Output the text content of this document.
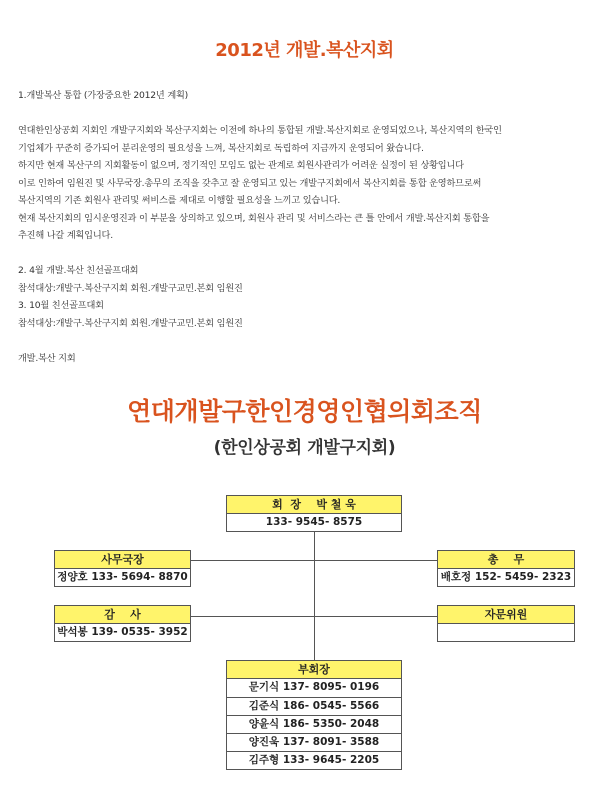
2012년 개발.복산지회
1.개발복산 통합 (가장중요한 2012년 계획)
연대한인상공회 지회인 개발구지회와 복산구지회는 이전에 하나의 통합된 개발.복산지회로 운영되었으나, 복산지역의 한국인
기업체가 꾸준히 증가되어 분리운영의 필요성을 느껴, 복산지회로 독립하여 지금까지 운영되어 왔습니다.
하지만 현재 복산구의 지회활동이 없으며, 정기적인 모임도 없는 관계로 회원사관리가 어려운 실정이 된 상황입니다
이로 인하여 임원진 및 사무국장.총무의 조직을 갖추고 잘 운영되고 있는 개발구지회에서 복산지회를 통합 운영하므로써
복산지역의 기존 회원사 관리및 써비스를 제대로 이행할 필요성을 느끼고 있습니다.
현재 복산지회의 임시운영진과 이 부분을 상의하고 있으며, 회원사 관리 및 서비스라는 큰 틀 안에서 개발.복산지회 통합을
추진해 나갈 계획입니다.
2. 4월 개발.복산 친선골프대회
참석대상:개발구.복산구지회 회원.개발구교민.본회 임원진
3. 10월 친선골프대회
참석대상:개발구.복산구지회 회원.개발구교민.본회 임원진
개발.복산 지회
연대개발구한인경영인협의회조직
(한인상공회 개발구지회)
회  장    박 철 욱
133- 9545- 8575
사무국장
정양호 133- 5694- 8870
총    무
배호정 152- 5459- 2323
감    사
박석봉 139- 0535- 3952
자문위원
부회장
문기식 137- 8095- 0196
김준식 186- 0545- 5566
양윤식 186- 5350- 2048
양진욱 137- 8091- 3588
김주형 133- 9645- 2205
